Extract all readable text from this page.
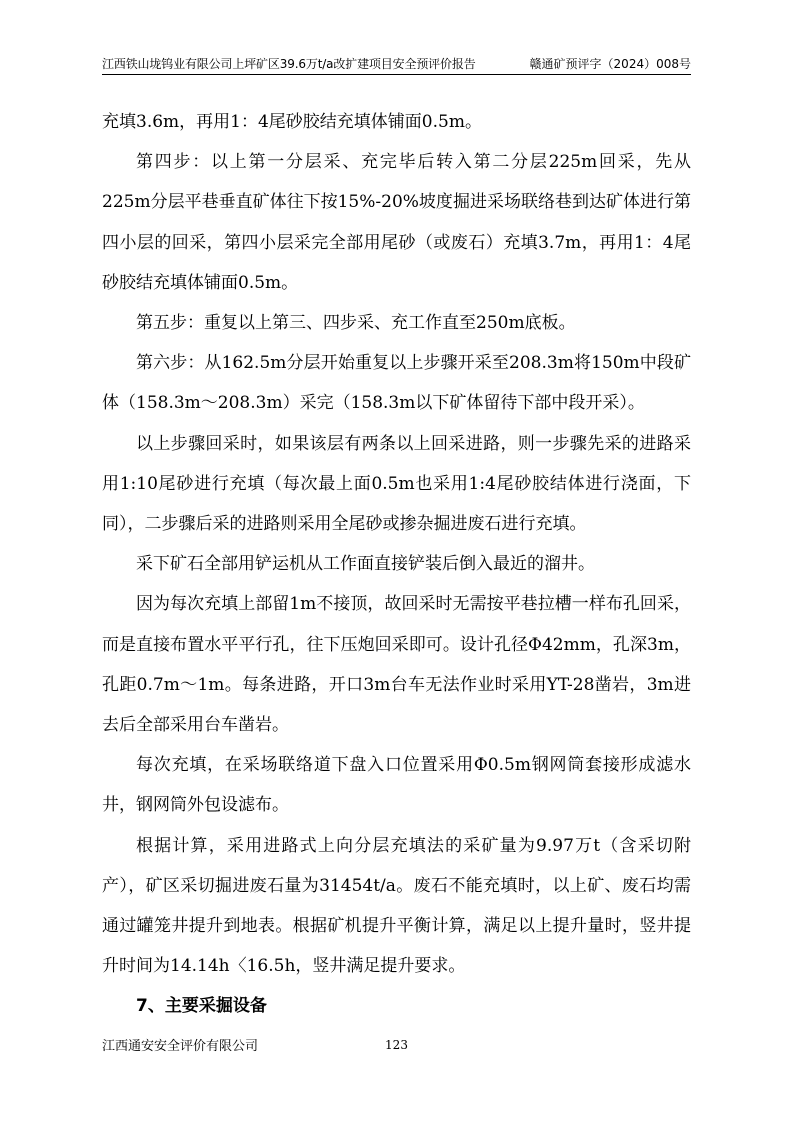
江西铁山垅钨业有限公司上坪矿区39.6万t/a改扩建项目安全预评价报告	赣通矿预评字（2024）008号

充填3.6m，再用1：4尾砂胶结充填体铺面0.5m。

第四步：以上第一分层采、充完毕后转入第二分层225m回采，先从225m分层平巷垂直矿体往下按15%-20%坡度掘进采场联络巷到达矿体进行第四小层的回采，第四小层采完全部用尾砂（或废石）充填3.7m，再用1：4尾砂胶结充填体铺面0.5m。

第五步：重复以上第三、四步采、充工作直至250m底板。

第六步：从162.5m分层开始重复以上步骤开采至208.3m将150m中段矿体（158.3m～208.3m）采完（158.3m以下矿体留待下部中段开采）。

以上步骤回采时，如果该层有两条以上回采进路，则一步骤先采的进路采用1:10尾砂进行充填（每次最上面0.5m也采用1:4尾砂胶结体进行浇面，下同），二步骤后采的进路则采用全尾砂或掺杂掘进废石进行充填。

采下矿石全部用铲运机从工作面直接铲装后倒入最近的溜井。

因为每次充填上部留1m不接顶，故回采时无需按平巷拉槽一样布孔回采，而是直接布置水平平行孔，往下压炮回采即可。设计孔径Φ42mm，孔深3m，孔距0.7m～1m。每条进路，开口3m台车无法作业时采用YT-28凿岩，3m进去后全部采用台车凿岩。

每次充填，在采场联络道下盘入口位置采用Φ0.5m钢网筒套接形成滤水井，钢网筒外包设滤布。

根据计算，采用进路式上向分层充填法的采矿量为9.97万t（含采切附产），矿区采切掘进废石量为31454t/a。废石不能充填时，以上矿、废石均需通过罐笼井提升到地表。根据矿机提升平衡计算，满足以上提升量时，竖井提升时间为14.14h〈16.5h，竖井满足提升要求。

7、主要采掘设备

江西通安安全评价有限公司	123
